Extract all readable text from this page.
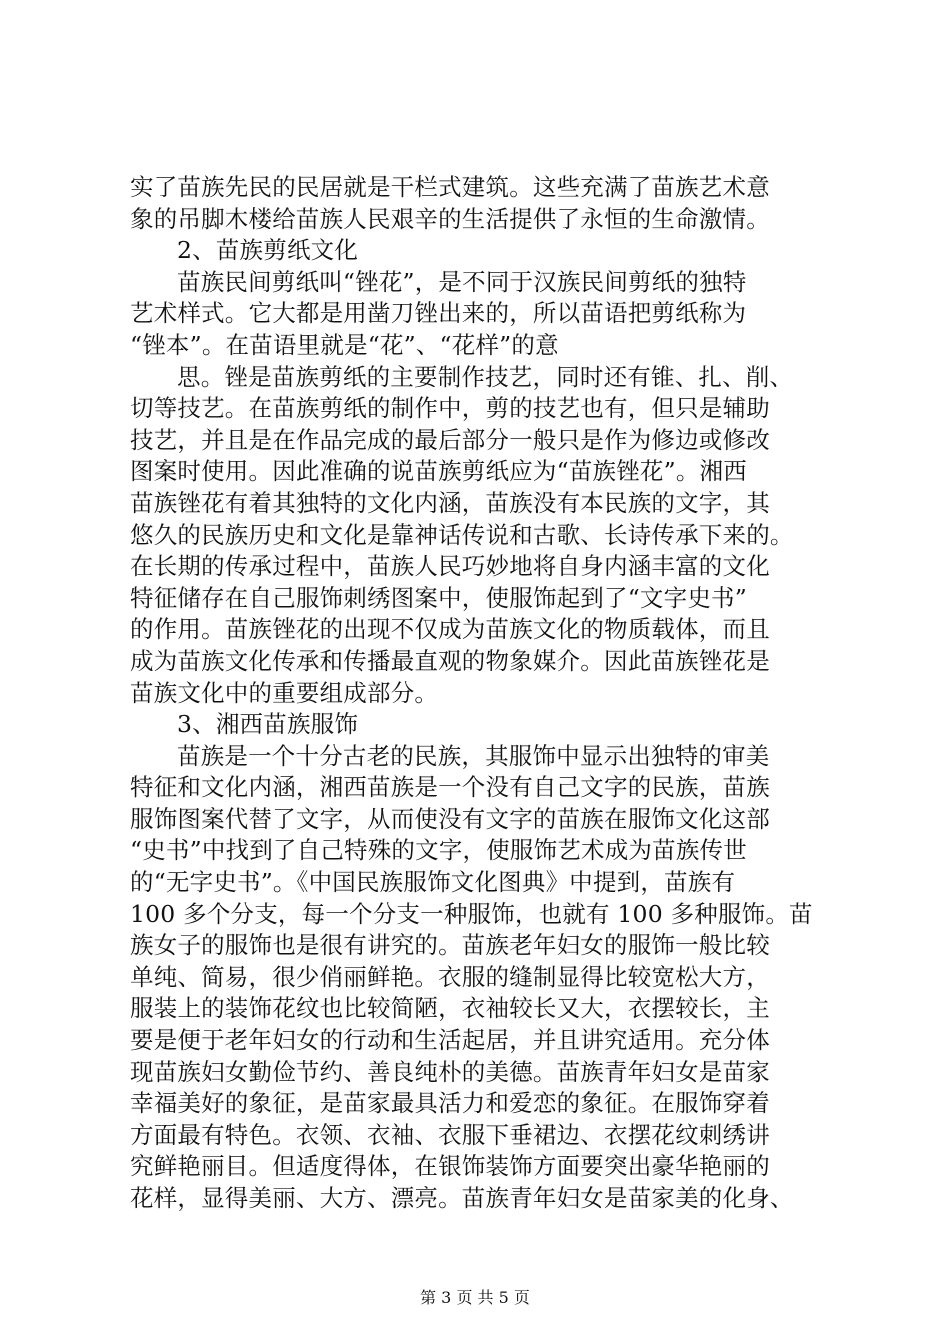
实了苗族先民的民居就是干栏式建筑。这些充满了苗族艺术意
象的吊脚木楼给苗族人民艰辛的生活提供了永恒的生命激情。
2、苗族剪纸文化
苗族民间剪纸叫“锉花”，是不同于汉族民间剪纸的独特
艺术样式。它大都是用凿刀锉出来的，所以苗语把剪纸称为
“锉本”。在苗语里就是“花”、“花样”的意
思。锉是苗族剪纸的主要制作技艺，同时还有锥、扎、削、
切等技艺。在苗族剪纸的制作中，剪的技艺也有，但只是辅助
技艺，并且是在作品完成的最后部分一般只是作为修边或修改
图案时使用。因此准确的说苗族剪纸应为“苗族锉花”。湘西
苗族锉花有着其独特的文化内涵，苗族没有本民族的文字，其
悠久的民族历史和文化是靠神话传说和古歌、长诗传承下来的。
在长期的传承过程中，苗族人民巧妙地将自身内涵丰富的文化
特征储存在自己服饰刺绣图案中，使服饰起到了“文字史书”
的作用。苗族锉花的出现不仅成为苗族文化的物质载体，而且
成为苗族文化传承和传播最直观的物象媒介。因此苗族锉花是
苗族文化中的重要组成部分。
3、湘西苗族服饰
苗族是一个十分古老的民族，其服饰中显示出独特的审美
特征和文化内涵，湘西苗族是一个没有自己文字的民族，苗族
服饰图案代替了文字，从而使没有文字的苗族在服饰文化这部
“史书”中找到了自己特殊的文字，使服饰艺术成为苗族传世
的“无字史书”。《中国民族服饰文化图典》中提到，苗族有
100 多个分支，每一个分支一种服饰，也就有 100 多种服饰。苗
族女子的服饰也是很有讲究的。苗族老年妇女的服饰一般比较
单纯、简易，很少俏丽鲜艳。衣服的缝制显得比较宽松大方，
服装上的装饰花纹也比较简陋，衣袖较长又大，衣摆较长，主
要是便于老年妇女的行动和生活起居，并且讲究适用。充分体
现苗族妇女勤俭节约、善良纯朴的美德。苗族青年妇女是苗家
幸福美好的象征，是苗家最具活力和爱恋的象征。在服饰穿着
方面最有特色。衣领、衣袖、衣服下垂裙边、衣摆花纹刺绣讲
究鲜艳丽目。但适度得体，在银饰装饰方面要突出豪华艳丽的
花样，显得美丽、大方、漂亮。苗族青年妇女是苗家美的化身、
第 3 页 共 5 页
